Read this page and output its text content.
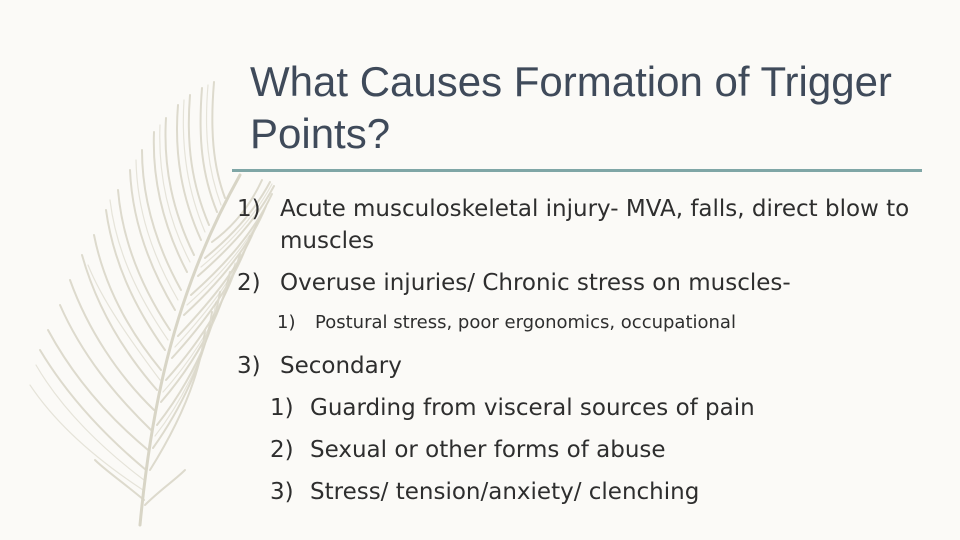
What Causes Formation of Trigger Points?
1) Acute musculoskeletal injury- MVA, falls, direct blow to muscles
2) Overuse injuries/ Chronic stress on muscles-
1) Postural stress, poor ergonomics, occupational
3) Secondary
1) Guarding from visceral sources of pain
2) Sexual or other forms of abuse
3) Stress/ tension/anxiety/ clenching
